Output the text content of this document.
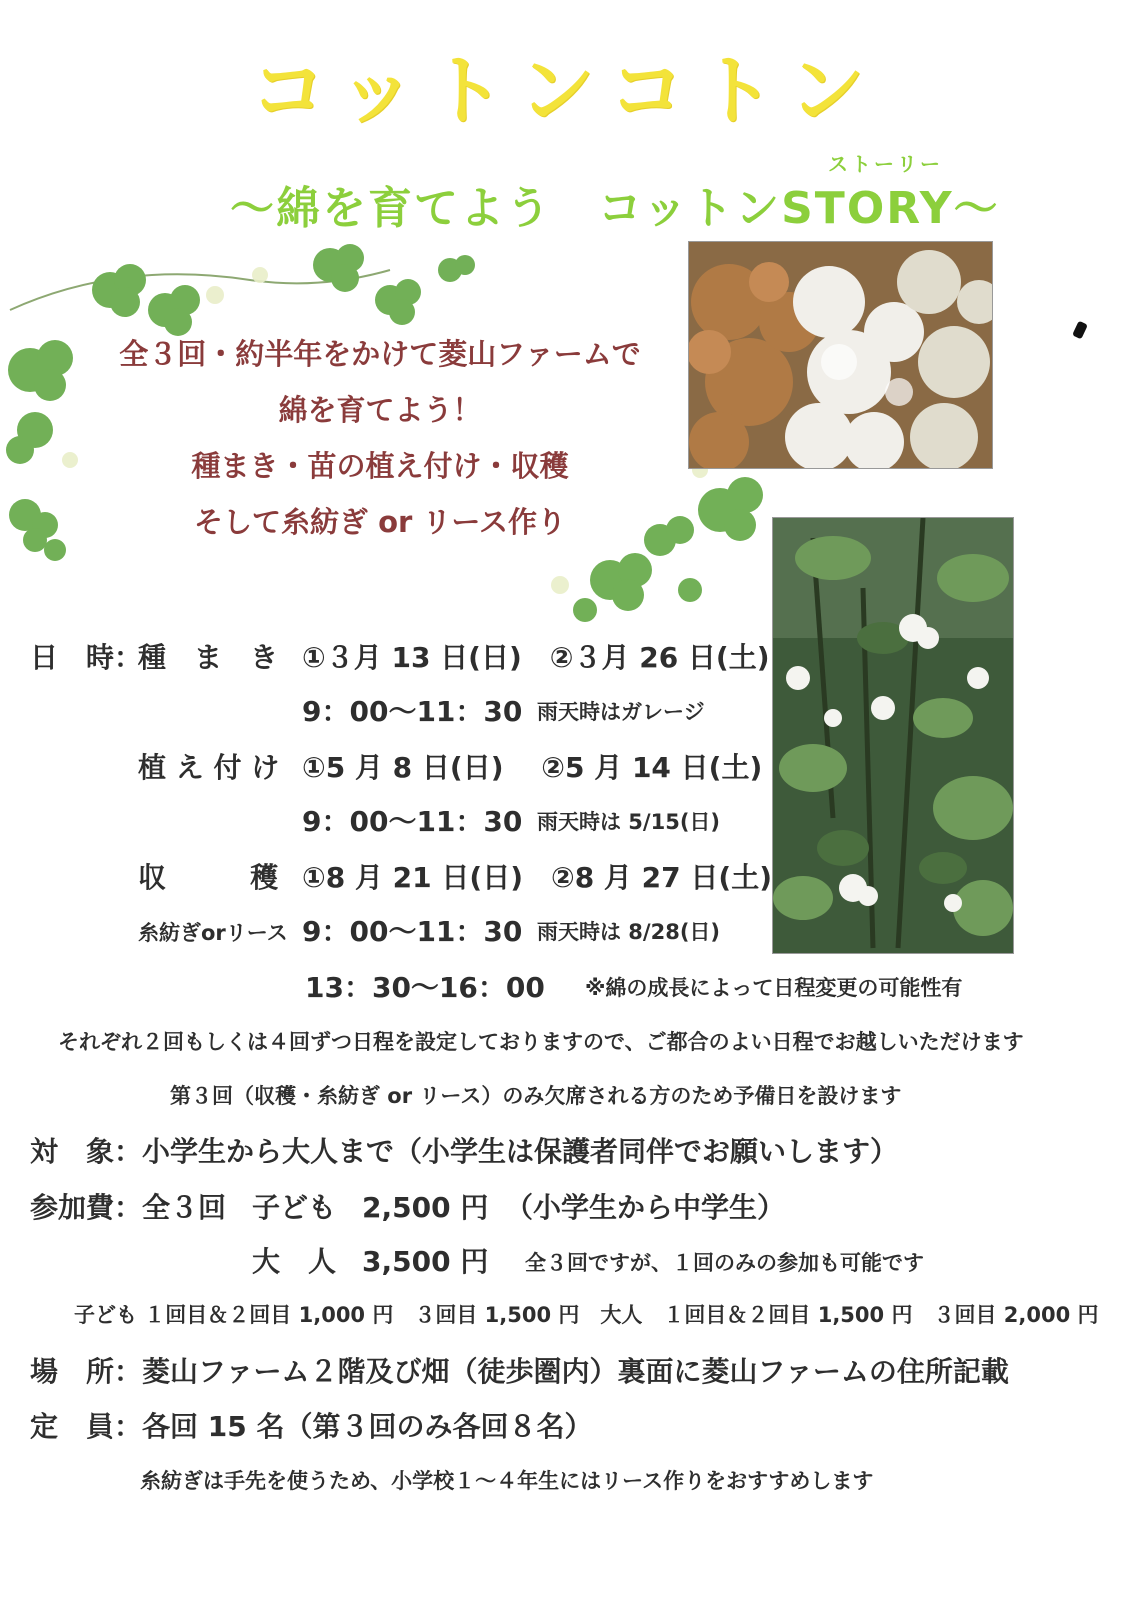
コットンコトン
ストーリー
～綿を育てよう　コットンSTORY～
全３回・約半年をかけて菱山ファームで
綿を育てよう！
種まき・苗の植え付け・収穫
そして糸紡ぎ or リース作り
日　時：
種　ま　き ①３月 13 日(日)　②３月 26 日(土)
9：00～11：30 雨天時はガレージ
植 え 付 け ①5 月 8 日(日)　 ②5 月 14 日(土)
9：00～11：30 雨天時は 5/15(日)
収　　　穫 ①8 月 21 日(日)　②8 月 27 日(土)
糸紡ぎorリース 9：00～11：30 雨天時は 8/28(日)
13：30～16：00 ※綿の成長によって日程変更の可能性有
それぞれ２回もしくは４回ずつ日程を設定しておりますので、ご都合のよい日程でお越しいただけます
第３回（収穫・糸紡ぎ or リース）のみ欠席される方のため予備日を設けます
対　象：小学生から大人まで（小学生は保護者同伴でお願いします）
参加費：全３回 子ども 2,500 円 （小学生から中学生）
大　人 3,500 円 全３回ですが、１回のみの参加も可能です
子ども １回目＆２回目 1,000 円　３回目 1,500 円　大人　１回目＆２回目 1,500 円　３回目 2,000 円
場　所：菱山ファーム２階及び畑（徒歩圏内）裏面に菱山ファームの住所記載
定　員：各回 15 名（第３回のみ各回８名）
糸紡ぎは手先を使うため、小学校１～４年生にはリース作りをおすすめします
